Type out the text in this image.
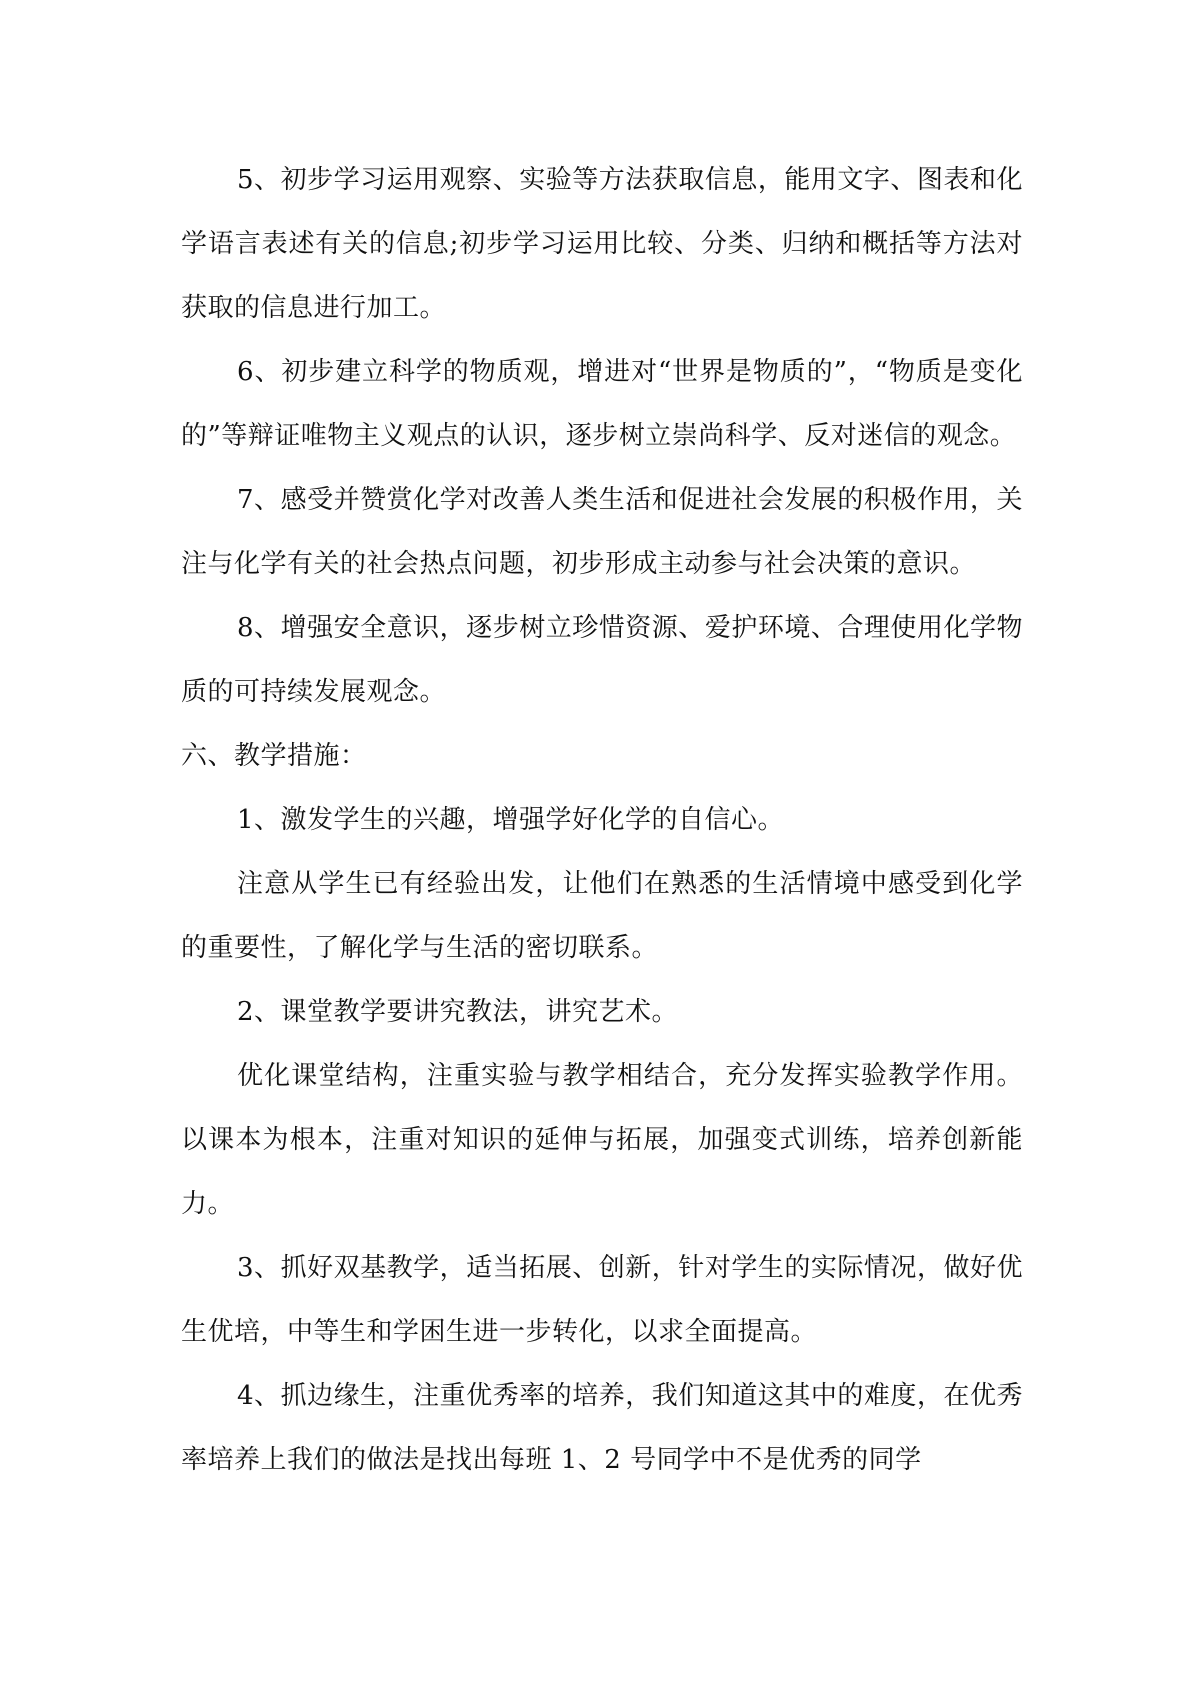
5、初步学习运用观察、实验等方法获取信息，能用文字、图表和化学语言表述有关的信息;初步学习运用比较、分类、归纳和概括等方法对获取的信息进行加工。

6、初步建立科学的物质观，增进对“世界是物质的”，“物质是变化的”等辩证唯物主义观点的认识，逐步树立崇尚科学、反对迷信的观念。

7、感受并赞赏化学对改善人类生活和促进社会发展的积极作用，关注与化学有关的社会热点问题，初步形成主动参与社会决策的意识。

8、增强安全意识，逐步树立珍惜资源、爱护环境、合理使用化学物质的可持续发展观念。

六、教学措施：

1、激发学生的兴趣，增强学好化学的自信心。

注意从学生已有经验出发，让他们在熟悉的生活情境中感受到化学的重要性，了解化学与生活的密切联系。

2、课堂教学要讲究教法，讲究艺术。

优化课堂结构，注重实验与教学相结合，充分发挥实验教学作用。以课本为根本，注重对知识的延伸与拓展，加强变式训练，培养创新能力。

3、抓好双基教学，适当拓展、创新，针对学生的实际情况，做好优生优培，中等生和学困生进一步转化，以求全面提高。

4、抓边缘生，注重优秀率的培养，我们知道这其中的难度，在优秀率培养上我们的做法是找出每班 1、2 号同学中不是优秀的同学
